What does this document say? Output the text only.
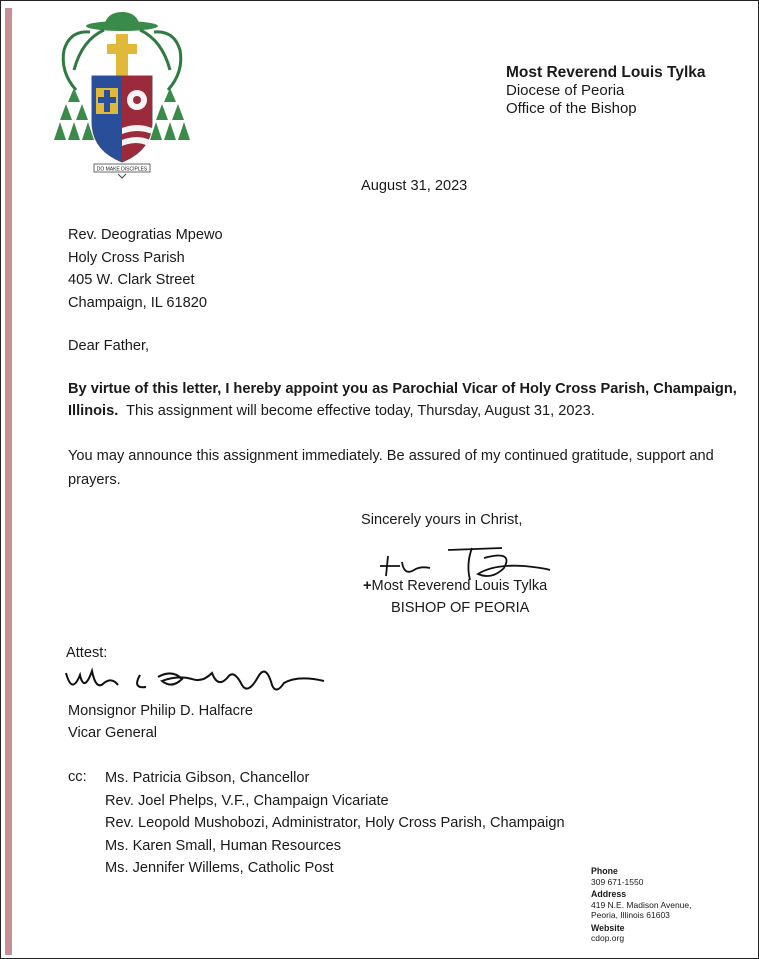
DO MAKE DISCIPLES
Most Reverend Louis Tylka
Diocese of Peoria
Office of the Bishop
August 31, 2023
Rev. Deogratias Mpewo
Holy Cross Parish
405 W. Clark Street
Champaign, IL 61820
Dear Father,
By virtue of this letter, I hereby appoint you as Parochial Vicar of Holy Cross Parish, Champaign, Illinois. This assignment will become effective today, Thursday, August 31, 2023.
You may announce this assignment immediately. Be assured of my continued gratitude, support and prayers.
Sincerely yours in Christ,
+Most Reverend Louis Tylka
BISHOP OF PEORIA
Attest:
Monsignor Philip D. Halfacre
Vicar General
cc: Ms. Patricia Gibson, Chancellor
Rev. Joel Phelps, V.F., Champaign Vicariate
Rev. Leopold Mushobozi, Administrator, Holy Cross Parish, Champaign
Ms. Karen Small, Human Resources
Ms. Jennifer Willems, Catholic Post	Phone
309 671-1550
Address
419 N.E. Madison Avenue,
Peoria, Illinois 61603
Website
cdop.org
